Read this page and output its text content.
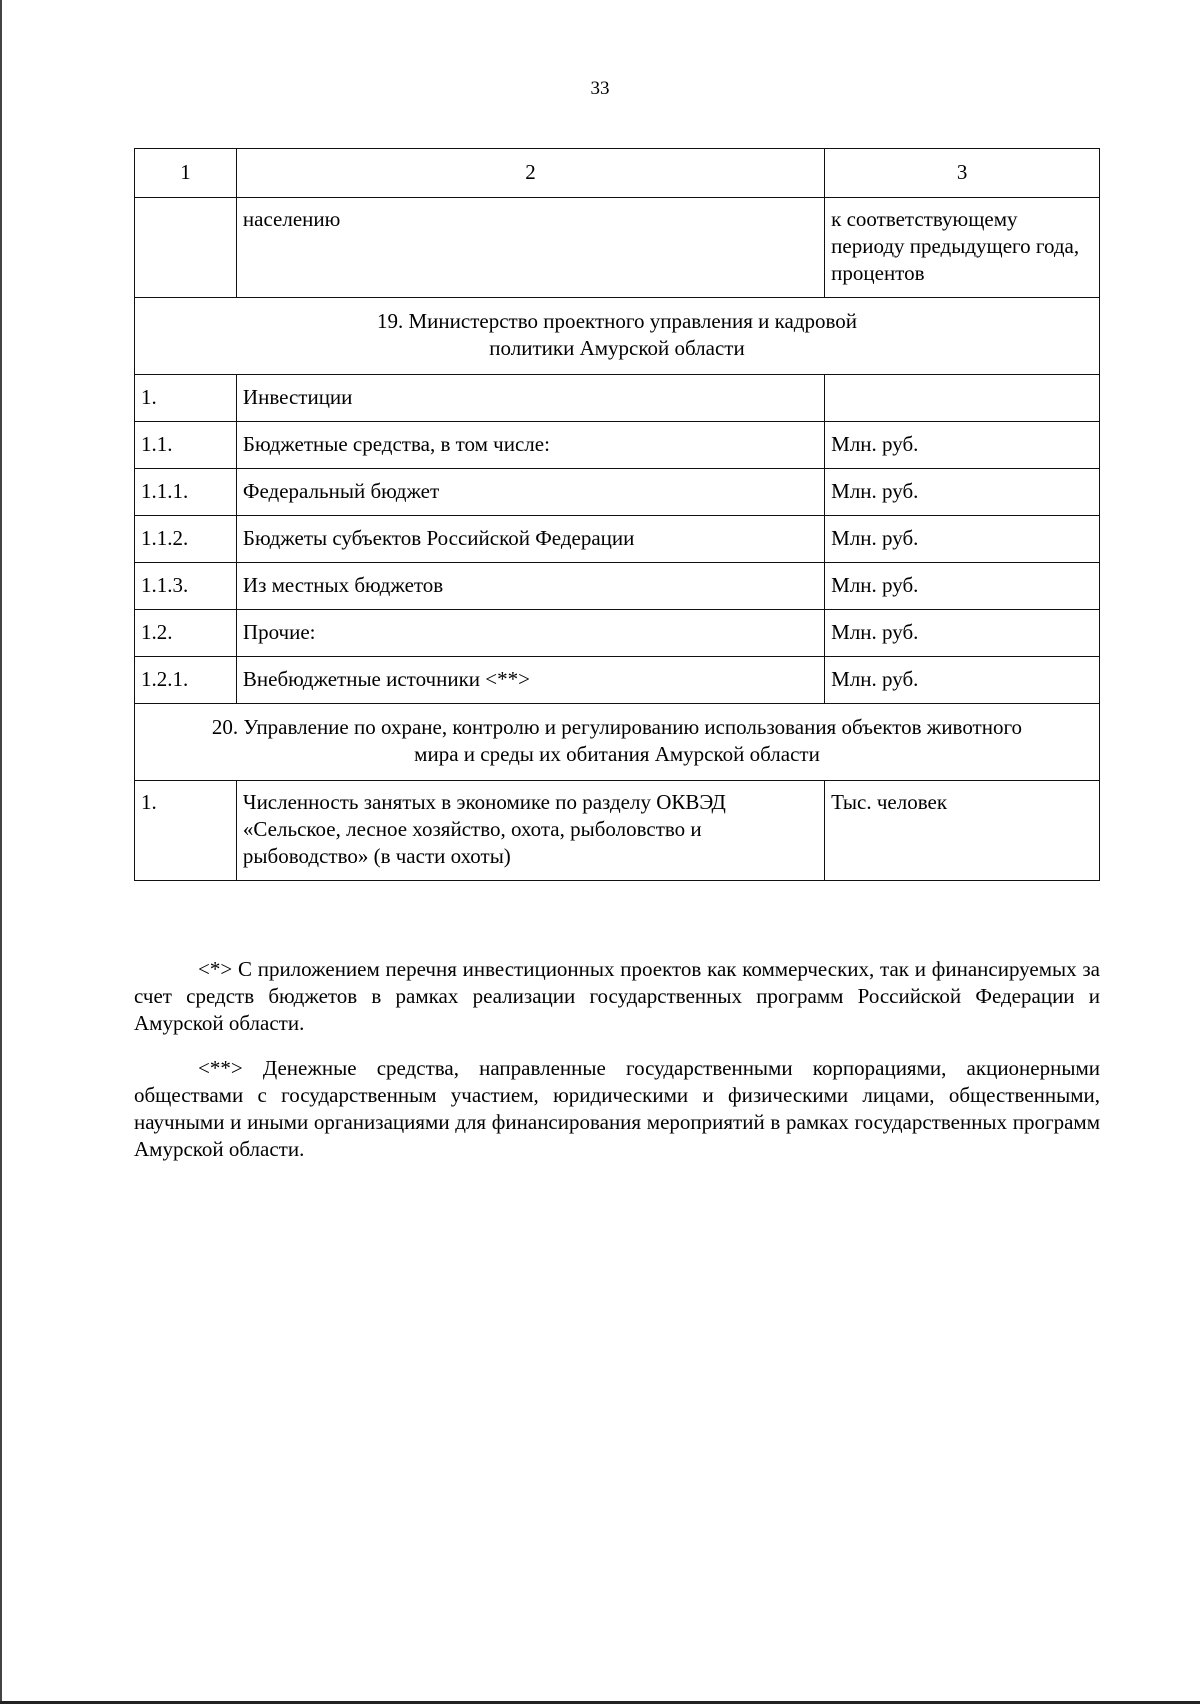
33
1	2	3
	населению	к соответствующему периоду предыдущего года, процентов

19. Министерство проектного управления и кадровой
политики Амурской области		

1.	Инвестиции	
1.1.	Бюджетные средства, в том числе:	Млн. руб.
1.1.1.	Федеральный бюджет	Млн. руб.
1.1.2.	Бюджеты субъектов Российской Федерации	Млн. руб.
1.1.3.	Из местных бюджетов	Млн. руб.
1.2.	Прочие:	Млн. руб.
1.2.1.	Внебюджетные источники <**>	Млн. руб.

20. Управление по охране, контролю и регулированию использования объектов животного
мира и среды их обитания Амурской области		

1.	Численность занятых в экономике по разделу ОКВЭД «Сельское, лесное хозяйство, охота, рыболовство и рыбоводство» (в части охоты)	Тыс. человек

<*> С приложением перечня инвестиционных проектов как коммерческих, так и финансируемых за счет средств бюджетов в рамках реализации государственных программ Российской Федерации и Амурской области.

<**> Денежные средства, направленные государственными корпорациями, акционерными обществами с государственным участием, юридическими и физическими лицами, общественными, научными и иными организациями для финансирования мероприятий в рамках государственных программ Амурской области.
